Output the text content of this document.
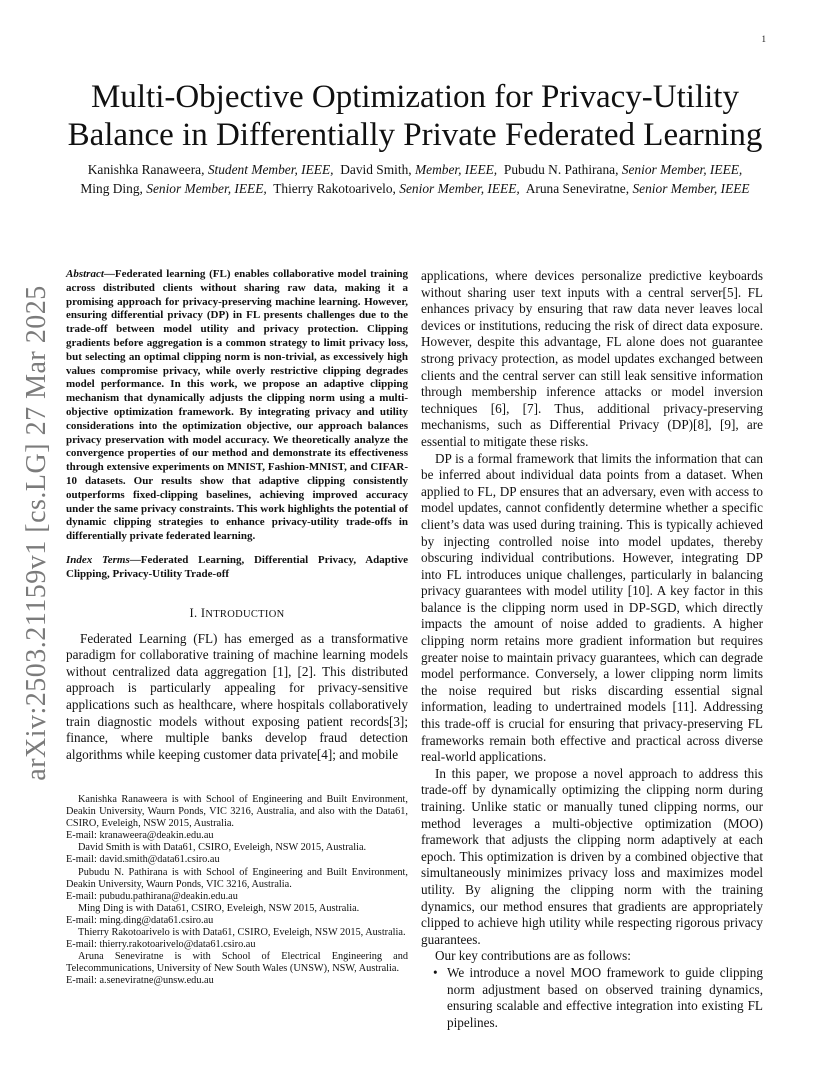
1
arXiv:2503.21159v1 [cs.LG] 27 Mar 2025
Multi-Objective Optimization for Privacy-Utility
Balance in Differentially Private Federated Learning
Kanishka Ranaweera, Student Member, IEEE, David Smith, Member, IEEE, Pubudu N. Pathirana, Senior Member, IEEE, Ming Ding, Senior Member, IEEE, Thierry Rakotoarivelo, Senior Member, IEEE, Aruna Seneviratne, Senior Member, IEEE

Abstract—Federated learning (FL) enables collaborative model training across distributed clients without sharing raw data, making it a promising approach for privacy-preserving machine learning. However, ensuring differential privacy (DP) in FL presents challenges due to the trade-off between model utility and privacy protection. Clipping gradients before aggregation is a common strategy to limit privacy loss, but selecting an optimal clipping norm is non-trivial, as excessively high values compromise privacy, while overly restrictive clipping degrades model performance. In this work, we propose an adaptive clipping mechanism that dynamically adjusts the clipping norm using a multi-objective optimization framework. By integrating privacy and utility considerations into the optimization objective, our approach balances privacy preservation with model accuracy. We theoretically analyze the convergence properties of our method and demonstrate its effectiveness through extensive experiments on MNIST, Fashion-MNIST, and CIFAR-10 datasets. Our results show that adaptive clipping consistently outperforms fixed-clipping baselines, achieving improved accuracy under the same privacy constraints. This work highlights the potential of dynamic clipping strategies to enhance privacy-utility trade-offs in differentially private federated learning.

Index Terms—Federated Learning, Differential Privacy, Adaptive Clipping, Privacy-Utility Trade-off

I. INTRODUCTION

Federated Learning (FL) has emerged as a transformative paradigm for collaborative training of machine learning models without centralized data aggregation [1], [2]. This distributed approach is particularly appealing for privacy-sensitive applications such as healthcare, where hospitals collaboratively train diagnostic models without exposing patient records[3]; finance, where multiple banks develop fraud detection algorithms while keeping customer data private[4]; and mobile

Kanishka Ranaweera is with School of Engineering and Built Environment, Deakin University, Waurn Ponds, VIC 3216, Australia, and also with the Data61, CSIRO, Eveleigh, NSW 2015, Australia.

E-mail: kranaweera@deakin.edu.au

David Smith is with Data61, CSIRO, Eveleigh, NSW 2015, Australia.

E-mail: david.smith@data61.csiro.au

Pubudu N. Pathirana is with School of Engineering and Built Environment, Deakin University, Waurn Ponds, VIC 3216, Australia.

E-mail: pubudu.pathirana@deakin.edu.au

Ming Ding is with Data61, CSIRO, Eveleigh, NSW 2015, Australia.

E-mail: ming.ding@data61.csiro.au

Thierry Rakotoarivelo is with Data61, CSIRO, Eveleigh, NSW 2015, Australia.

E-mail: thierry.rakotoarivelo@data61.csiro.au

Aruna Seneviratne is with School of Electrical Engineering and Telecommunications, University of New South Wales (UNSW), NSW, Australia.

E-mail: a.seneviratne@unsw.edu.au

applications, where devices personalize predictive keyboards without sharing user text inputs with a central server[5]. FL enhances privacy by ensuring that raw data never leaves local devices or institutions, reducing the risk of direct data exposure. However, despite this advantage, FL alone does not guarantee strong privacy protection, as model updates exchanged between clients and the central server can still leak sensitive information through membership inference attacks or model inversion techniques [6], [7]. Thus, additional privacy-preserving mechanisms, such as Differential Privacy (DP)[8], [9], are essential to mitigate these risks.

DP is a formal framework that limits the information that can be inferred about individual data points from a dataset. When applied to FL, DP ensures that an adversary, even with access to model updates, cannot confidently determine whether a specific client’s data was used during training. This is typically achieved by injecting controlled noise into model updates, thereby obscuring individual contributions. However, integrating DP into FL introduces unique challenges, particularly in balancing privacy guarantees with model utility [10]. A key factor in this balance is the clipping norm used in DP-SGD, which directly impacts the amount of noise added to gradients. A higher clipping norm retains more gradient information but requires greater noise to maintain privacy guarantees, which can degrade model performance. Conversely, a lower clipping norm limits the noise required but risks discarding essential signal information, leading to undertrained models [11]. Addressing this trade-off is crucial for ensuring that privacy-preserving FL frameworks remain both effective and practical across diverse real-world applications.

In this paper, we propose a novel approach to address this trade-off by dynamically optimizing the clipping norm during training. Unlike static or manually tuned clipping norms, our method leverages a multi-objective optimization (MOO) framework that adjusts the clipping norm adaptively at each epoch. This optimization is driven by a combined objective that simultaneously minimizes privacy loss and maximizes model utility. By aligning the clipping norm with the training dynamics, our method ensures that gradients are appropriately clipped to achieve high utility while respecting rigorous privacy guarantees.

Our key contributions are as follows:

• We introduce a novel MOO framework to guide clipping norm adjustment based on observed training dynamics, ensuring scalable and effective integration into existing FL pipelines.
